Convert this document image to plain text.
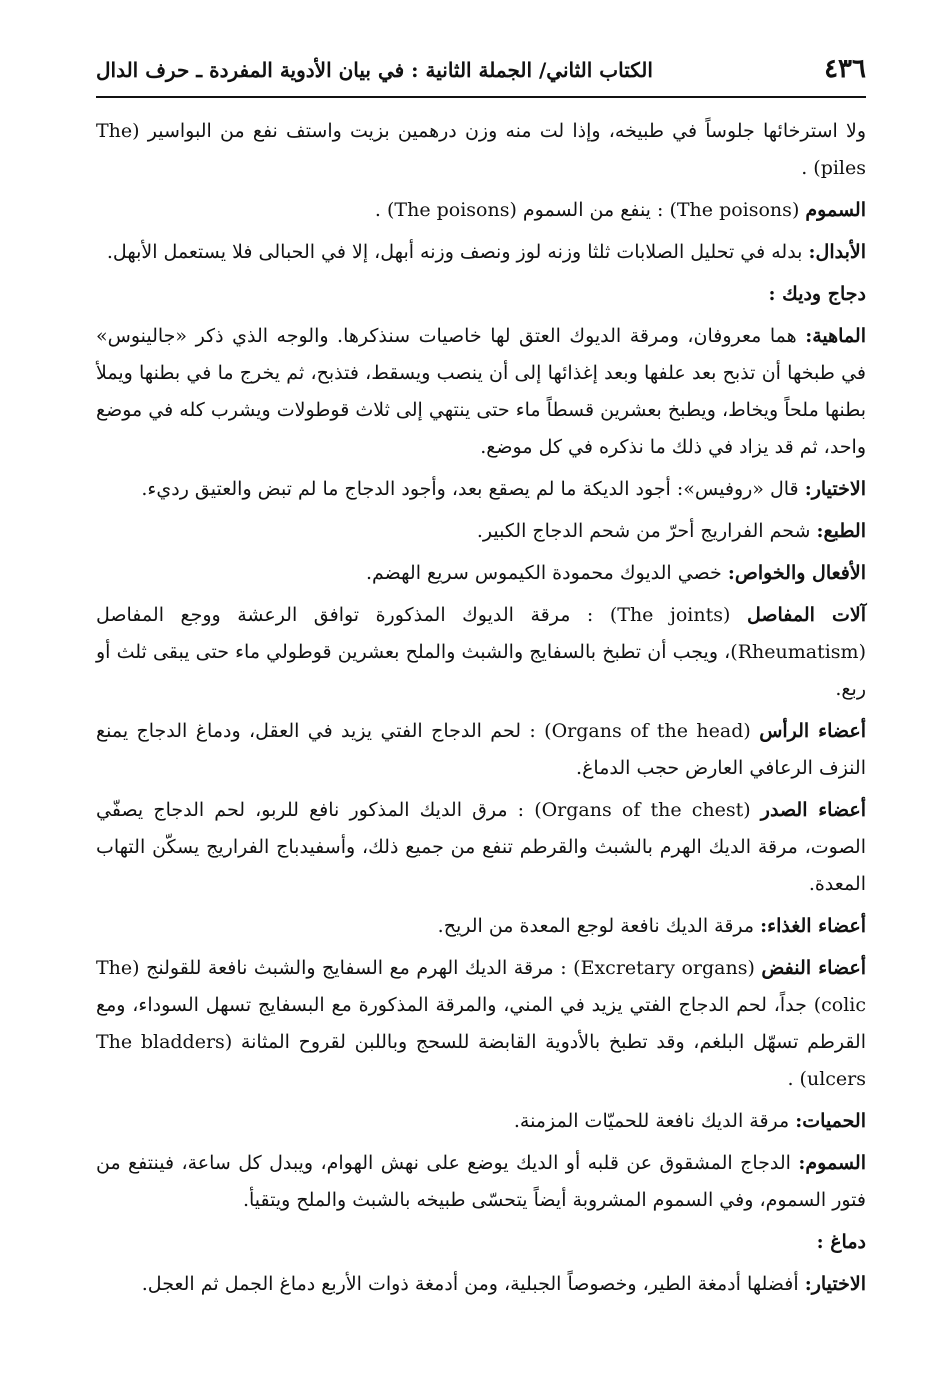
٤٣٦
الكتاب الثاني/ الجملة الثانية : في بيان الأدوية المفردة ـ حرف الدال

ولا استرخائها جلوساً في طبيخه، وإذا لت منه وزن درهمين بزيت واستف نفع من البواسير (The piles) .

السموم (The poisons) : ينفع من السموم (The poisons) .

الأبدال: بدله في تحليل الصلابات ثلثا وزنه لوز ونصف وزنه أبهل، إلا في الحبالى فلا يستعمل الأبهل.

دجاج وديك :

الماهية: هما معروفان، ومرقة الديوك العتق لها خاصيات سنذكرها. والوجه الذي ذكر «جالينوس» في طبخها أن تذبح بعد علفها وبعد إغذائها إلى أن ينصب ويسقط، فتذبح، ثم يخرج ما في بطنها ويملأ بطنها ملحاً ويخاط، ويطبخ بعشرين قسطاً ماء حتى ينتهي إلى ثلاث قوطولات ويشرب كله في موضع واحد، ثم قد يزاد في ذلك ما نذكره في كل موضع.

الاختيار: قال «روفيس»: أجود الديكة ما لم يصقع بعد، وأجود الدجاج ما لم تبض والعتيق رديء.

الطبع: شحم الفراريج أحرّ من شحم الدجاج الكبير.

الأفعال والخواص: خصي الديوك محمودة الكيموس سريع الهضم.

آلات المفاصل (The joints) : مرقة الديوك المذكورة توافق الرعشة ووجع المفاصل (Rheumatism)، ويجب أن تطبخ بالسفايج والشبث والملح بعشرين قوطولي ماء حتى يبقى ثلث أو ربع.

أعضاء الرأس (Organs of the head) : لحم الدجاج الفتي يزيد في العقل، ودماغ الدجاج يمنع النزف الرعافي العارض حجب الدماغ.

أعضاء الصدر (Organs of the chest) : مرق الديك المذكور نافع للربو، لحم الدجاج يصفّي الصوت، مرقة الديك الهرم بالشبث والقرطم تنفع من جميع ذلك، وأسفيدباج الفراريج يسكّن التهاب المعدة.

أعضاء الغذاء: مرقة الديك نافعة لوجع المعدة من الريح.

أعضاء النفض (Excretary organs) : مرقة الديك الهرم مع السفايج والشبث نافعة للقولنج (The colic) جداً، لحم الدجاج الفتي يزيد في المني، والمرقة المذكورة مع البسفايج تسهل السوداء، ومع القرطم تسهّل البلغم، وقد تطبخ بالأدوية القابضة للسحج وباللبن لقروح المثانة (The bladders ulcers) .

الحميات: مرقة الديك نافعة للحميّات المزمنة.

السموم: الدجاج المشقوق عن قلبه أو الديك يوضع على نهش الهوام، ويبدل كل ساعة، فينتفع من فتور السموم، وفي السموم المشروبة أيضاً يتحسّى طبيخه بالشبث والملح ويتقيأ.

دماغ :

الاختيار: أفضلها أدمغة الطير، وخصوصاً الجبلية، ومن أدمغة ذوات الأربع دماغ الجمل ثم العجل.
